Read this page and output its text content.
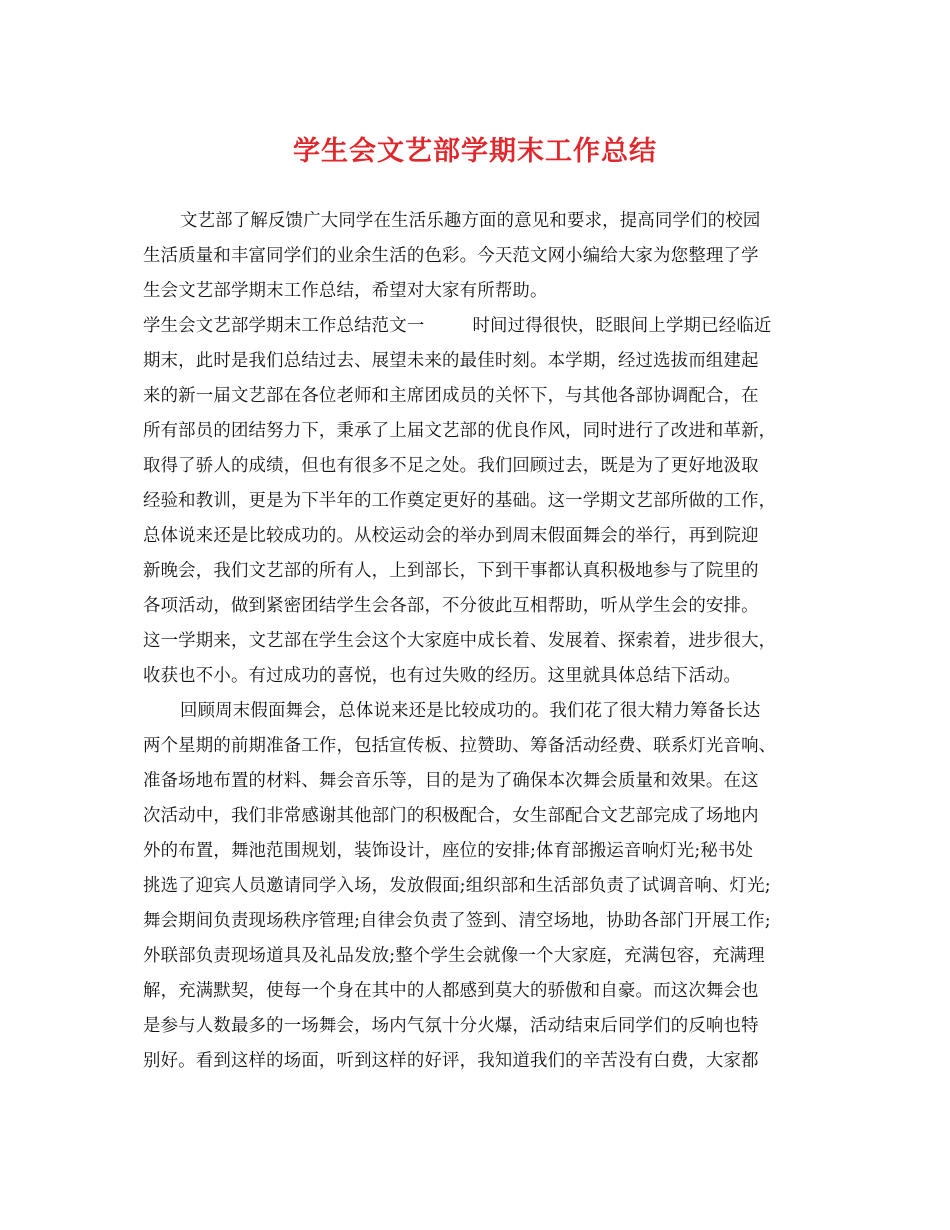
学生会文艺部学期末工作总结
文艺部了解反馈广大同学在生活乐趣方面的意见和要求，提高同学们的校园
生活质量和丰富同学们的业余生活的色彩。今天范文网小编给大家为您整理了学
生会文艺部学期末工作总结，希望对大家有所帮助。
学生会文艺部学期末工作总结范文一	时间过得很快，眨眼间上学期已经临近
期末，此时是我们总结过去、展望未来的最佳时刻。本学期，经过选拔而组建起
来的新一届文艺部在各位老师和主席团成员的关怀下，与其他各部协调配合，在
所有部员的团结努力下，秉承了上届文艺部的优良作风，同时进行了改进和革新，
取得了骄人的成绩，但也有很多不足之处。我们回顾过去，既是为了更好地汲取
经验和教训，更是为下半年的工作奠定更好的基础。这一学期文艺部所做的工作，
总体说来还是比较成功的。从校运动会的举办到周末假面舞会的举行，再到院迎
新晚会，我们文艺部的所有人，上到部长，下到干事都认真积极地参与了院里的
各项活动，做到紧密团结学生会各部，不分彼此互相帮助，听从学生会的安排。
这一学期来，文艺部在学生会这个大家庭中成长着、发展着、探索着，进步很大，
收获也不小。有过成功的喜悦，也有过失败的经历。这里就具体总结下活动。
回顾周末假面舞会，总体说来还是比较成功的。我们花了很大精力筹备长达
两个星期的前期准备工作，包括宣传板、拉赞助、筹备活动经费、联系灯光音响、
准备场地布置的材料、舞会音乐等，目的是为了确保本次舞会质量和效果。在这
次活动中，我们非常感谢其他部门的积极配合，女生部配合文艺部完成了场地内
外的布置，舞池范围规划，装饰设计，座位的安排;体育部搬运音响灯光;秘书处
挑选了迎宾人员邀请同学入场，发放假面;组织部和生活部负责了试调音响、灯光;
舞会期间负责现场秩序管理;自律会负责了签到、清空场地，协助各部门开展工作;
外联部负责现场道具及礼品发放;整个学生会就像一个大家庭，充满包容，充满理
解，充满默契，使每一个身在其中的人都感到莫大的骄傲和自豪。而这次舞会也
是参与人数最多的一场舞会，场内气氛十分火爆，活动结束后同学们的反响也特
别好。看到这样的场面，听到这样的好评，我知道我们的辛苦没有白费，大家都
